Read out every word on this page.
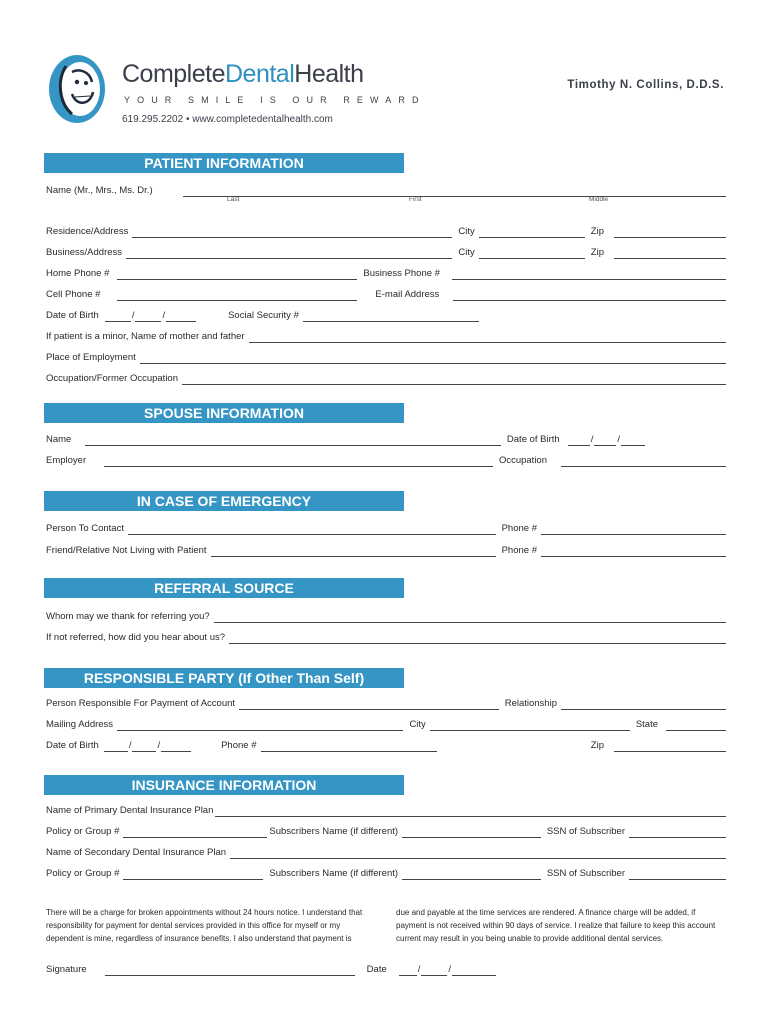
CompleteDentalHealth
YOUR SMILE IS OUR REWARD
619.295.2202 • www.completedentalhealth.com
Timothy N. Collins, D.D.S.
PATIENT INFORMATION
Name (Mr., Mrs., Ms. Dr.)
Last	First	Middle
Residence/Address	City	Zip
Business/Address	City	Zip
Home Phone #	Business Phone #
Cell Phone #	E-mail Address
Date of Birth	/	/	Social Security #
If patient is a minor, Name of mother and father
Place of Employment
Occupation/Former Occupation
SPOUSE INFORMATION
Name	Date of Birth	/	/
Employer	Occupation
IN CASE OF EMERGENCY
Person To Contact	Phone #
Friend/Relative Not Living with Patient	Phone #
REFERRAL SOURCE
Whom may we thank for referring you?
If not referred, how did you hear about us?
RESPONSIBLE PARTY (If Other Than Self)
Person Responsible For Payment of Account	Relationship
Mailing Address	City	State
Date of Birth	/	/	Phone #	Zip
INSURANCE INFORMATION
Name of Primary Dental Insurance Plan
Policy or Group #	Subscribers Name (if different)	SSN of Subscriber
Name of Secondary Dental Insurance Plan
Policy or Group #	Subscribers Name (if different)	SSN of Subscriber
There will be a charge for broken appointments without 24 hours notice. I understand that responsibility for payment for dental services provided in this office for myself or my dependent is mine, regardless of insurance benefits. I also understand that payment is
due and payable at the time services are rendered. A finance charge will be added, if payment is not received within 90 days of service. I realize that failure to keep this account current may result in you being unable to provide additional dental services.
Signature	Date	/	/
